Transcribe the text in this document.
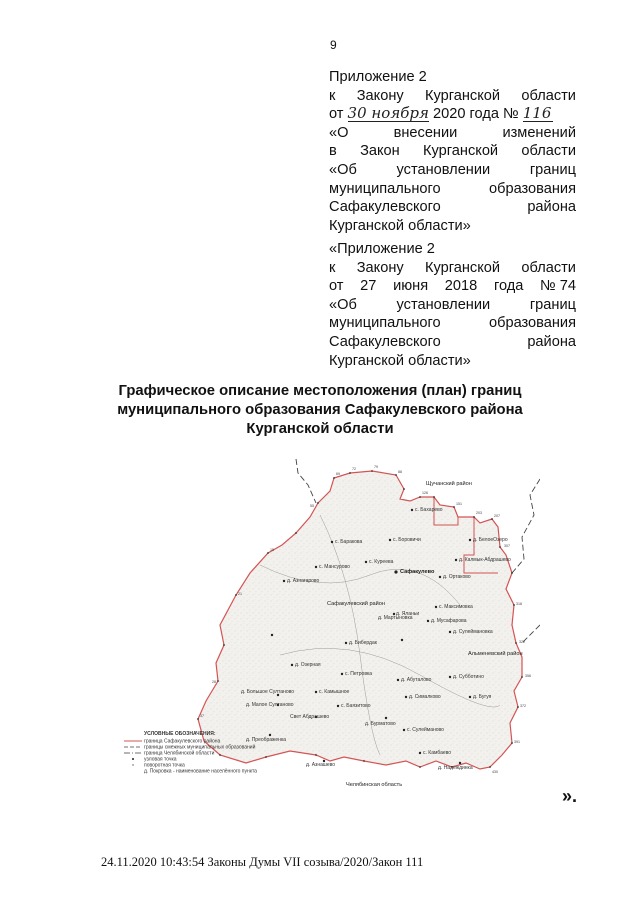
9
Приложение 2
к Закону Курганской области
от 30 ноября 2020 года № 116
«О	внесении	изменений
в Закон Курганской области
«Об	установлении	границ
муниципального	образования
Сафакулевского	района
Курганской области»
«Приложение 2
к Закону Курганской области
от 27 июня 2018 года № 74
«Об	установлении	границ
муниципального	образования
Сафакулевского	района
Курганской области»
Графическое описание местоположения (план) границ
муниципального образования Сафакулевского района
Курганской области
69
72	79
88
126
151
203
207
307
318
322
356
372
391
430
37
28
21
15
55
с. Бахарево
с. Баракова	с. Боровичи	д. БелоеОзеро
с. Мансурово
с. Куреева
Сафакулево
д. Калмык-Абдрашево
д. Азнагарово
д. Ортаково
с. Максимовка
д. Мартыновка
д. Яланьи
д. Мусафарова
д. Сулеймановка
д. Бибердак
д. Озерная
с. Петровка
д. Абуталово	д. Субботино
с. Камышное
д. Сималково	д. Бугуя
д. Большое Султаново
д. Малое Султаново	с. Баязитово
Свет Абдрашево
д. Бурматово
с. Сулейманово
д. Преображенка
д. Азнашево
с. Камбаево
д. Надеждинка
Сафакулевский район
Щучанский район
Альменевский район
Челябинская область
УСЛОВНЫЕ ОБОЗНАЧЕНИЯ:
граница Сафакулевского района
границы смежных муниципальных образований
граница Челябинской области
узловая точка
поворотная точка
д. Покровка - наименование населённого пункта
».
24.11.2020 10:43:54 Законы Думы VII созыва/2020/Закон 111
